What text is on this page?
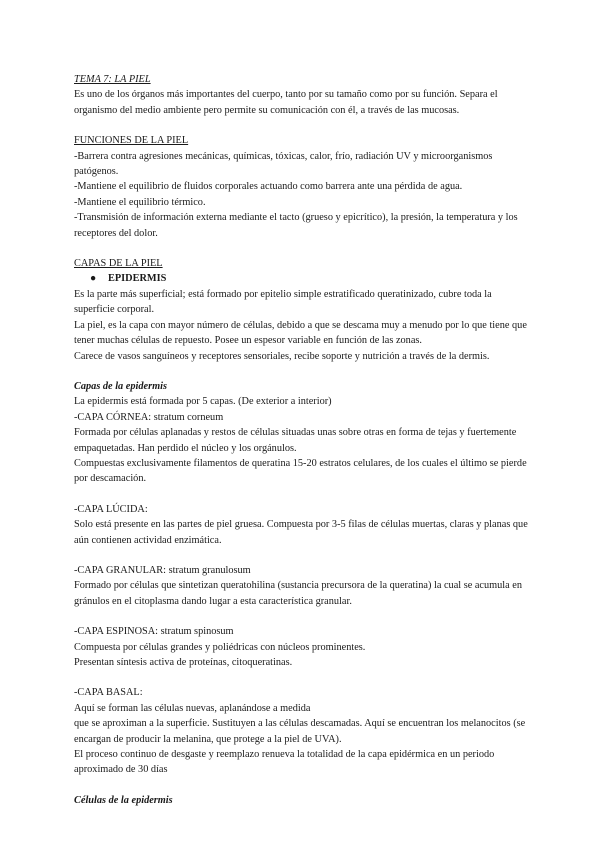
TEMA 7: LA PIEL

Es uno de los órganos más importantes del cuerpo, tanto por su tamaño como por su función. Separa el organismo del medio ambiente pero permite su comunicación con él, a través de las mucosas.

FUNCIONES DE LA PIEL

-Barrera contra agresiones mecánicas, químicas, tóxicas, calor, frío, radiación UV y microorganismos patógenos.

-Mantiene el equilibrio de fluidos corporales actuando como barrera ante una pérdida de agua.

-Mantiene el equilibrio térmico.

-Transmisión de información externa mediante el tacto (grueso y epicrítico), la presión, la temperatura y los receptores del dolor.

CAPAS DE LA PIEL

● EPIDERMIS

Es la parte más superficial; está formado por epitelio simple estratificado queratinizado, cubre toda la superficie corporal.

La piel, es la capa con mayor número de células, debido a que se descama muy a menudo por lo que tiene que tener muchas células de repuesto. Posee un espesor variable en función de las zonas.

Carece de vasos sanguíneos y receptores sensoriales, recibe soporte y nutrición a través de la dermis.

Capas de la epidermis

La epidermis está formada por 5 capas. (De exterior a interior)

-CAPA CÓRNEA: stratum corneum

Formada por células aplanadas y restos de células situadas unas sobre otras en forma de tejas y fuertemente empaquetadas. Han perdido el núcleo y los orgánulos.

Compuestas exclusivamente filamentos de queratina 15-20 estratos celulares, de los cuales el último se pierde por descamación.

-CAPA LÚCIDA:

Solo está presente en las partes de piel gruesa. Compuesta por 3-5 filas de células muertas, claras y planas que aún contienen actividad enzimática.

-CAPA GRANULAR: stratum granulosum

Formado por células que sintetizan queratohilina (sustancia precursora de la queratina) la cual se acumula en gránulos en el citoplasma dando lugar a esta característica granular.

-CAPA ESPINOSA: stratum spinosum

Compuesta por células grandes y poliédricas con núcleos prominentes.

Presentan síntesis activa de proteínas, citoqueratinas.

-CAPA BASAL:

Aquí se forman las células nuevas, aplanándose a medida

que se aproximan a la superficie. Sustituyen a las células descamadas. Aquí se encuentran los melanocitos (se encargan de producir la melanina, que protege a la piel de UVA).

El proceso continuo de desgaste y reemplazo renueva la totalidad de la capa epidérmica en un periodo aproximado de 30 días

Células de la epidermis
